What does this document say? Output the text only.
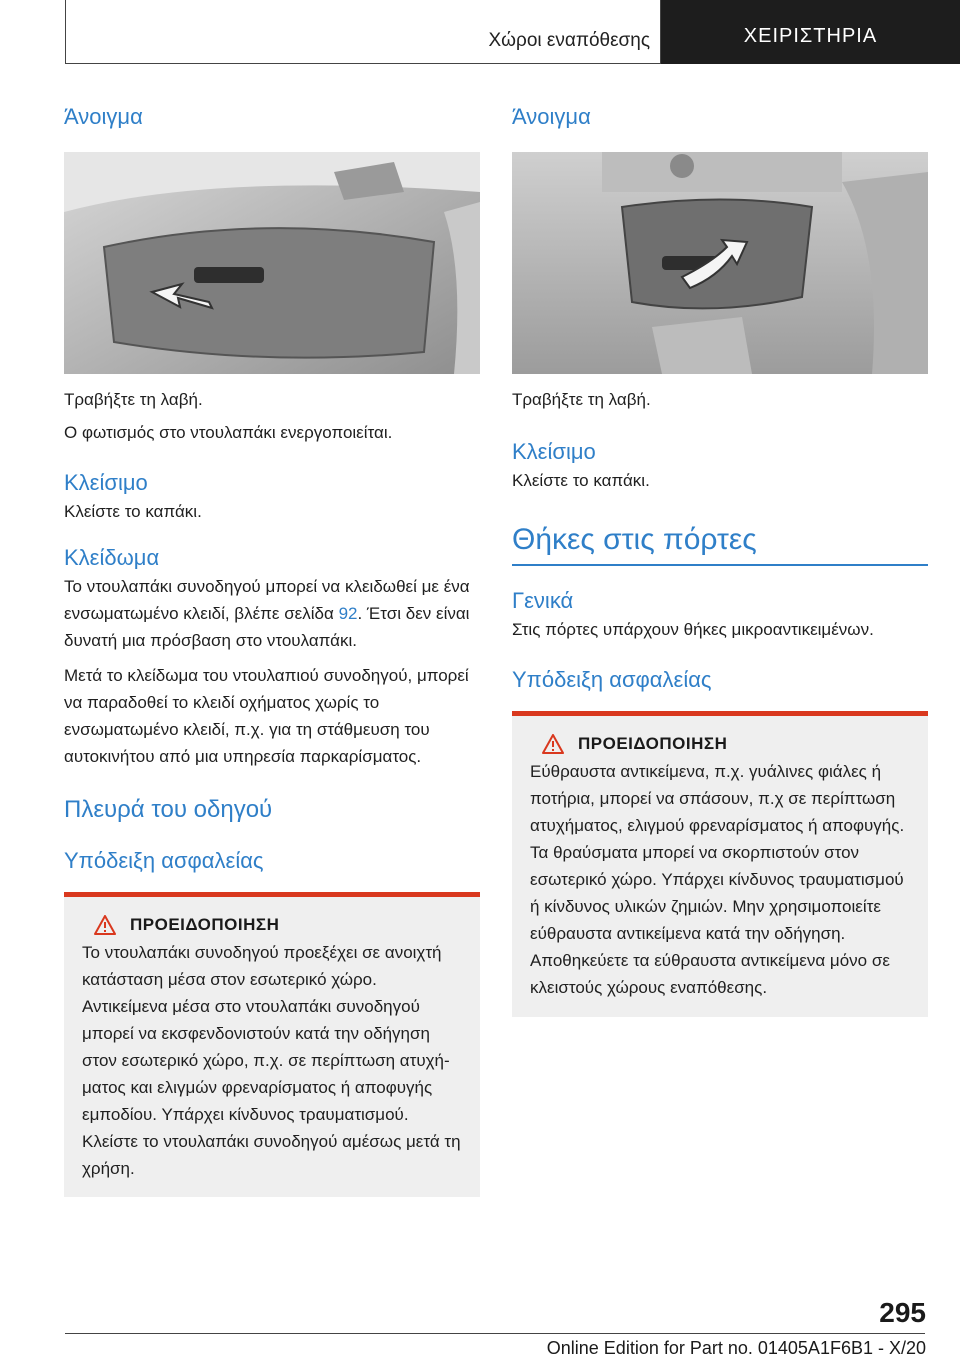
Χώροι εναπόθεσης	ΧΕΙΡΙΣΤΗΡΙΑ
Άνοιγμα

Τραβήξτε τη λαβή.

Ο φωτισμός στο ντουλαπάκι ενεργοποιείται.

Κλείσιμο

Κλείστε το καπάκι.

Κλείδωμα

Το ντουλαπάκι συνοδηγού μπορεί να κλειδωθεί με ένα ενσωματωμένο κλειδί, βλέπε σελίδα 92. Έτσι δεν είναι δυνατή μια πρόσβαση στο ντουλαπάκι.

Μετά το κλείδωμα του ντουλαπιού συνοδηγού, μπορεί να παραδοθεί το κλειδί οχήματος χωρίς το ενσωματωμένο κλειδί, π.χ. για τη στάθμευση του αυτοκινήτου από μια υπηρεσία παρκαρίσματος.

Πλευρά του οδηγού
Υπόδειξη ασφαλείας
ΠΡΟΕΙΔΟΠΟΙΗΣΗ

Το ντουλαπάκι συνοδηγού προεξέχει σε ανοιχτή κατάσταση μέσα στον εσωτερικό χώρο. Αντικείμενα μέσα στο ντουλαπάκι συνοδηγού μπορεί να εκσφενδονιστούν κατά την οδήγηση στον εσωτερικό χώρο, π.χ. σε περίπτωση ατυχήματος και ελιγμών φρεναρίσματος ή αποφυγής εμποδίου. Υπάρχει κίνδυνος τραυματισμού. Κλείστε το ντουλαπάκι συνοδηγού αμέσως μετά τη χρήση.

Άνοιγμα

Τραβήξτε τη λαβή.

Κλείσιμο

Κλείστε το καπάκι.

Θήκες στις πόρτες
Γενικά

Στις πόρτες υπάρχουν θήκες μικροαντικειμένων.

Υπόδειξη ασφαλείας
ΠΡΟΕΙΔΟΠΟΙΗΣΗ

Εύθραυστα αντικείμενα, π.χ. γυάλινες φιάλες ή ποτήρια, μπορεί να σπάσουν, π.χ σε περίπτωση ατυχήματος, ελιγμού φρεναρίσματος ή αποφυγής. Τα θραύσματα μπορεί να σκορπιστούν στον εσωτερικό χώρο. Υπάρχει κίνδυνος τραυματισμού ή κίνδυνος υλικών ζημιών. Μην χρησιμοποιείτε εύθραυστα αντικείμενα κατά την οδήγηση. Αποθηκεύετε τα εύθραυστα αντικείμενα μόνο σε κλειστούς χώρους εναπόθεσης.

295
Online Edition for Part no. 01405A1F6B1 - X/20
